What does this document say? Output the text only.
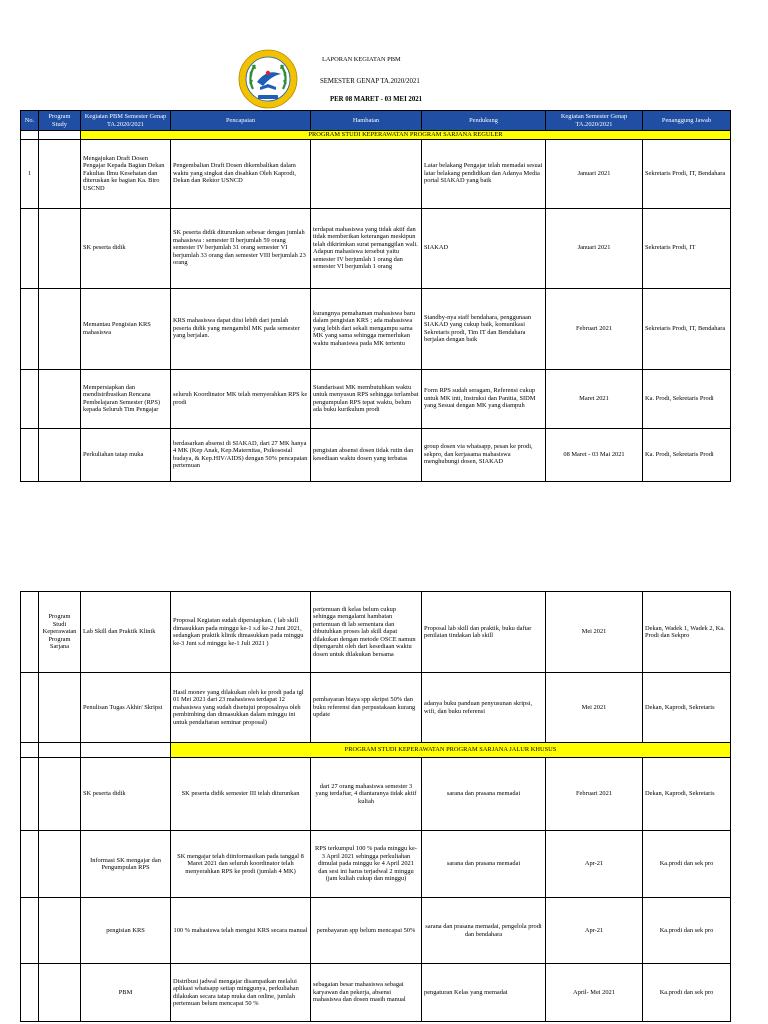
LAPORAN KEGIATAN PBM
SEMESTER GENAP TA.2020/2021
PER 08 MARET - 03 MEI 2021
No.	Program Study	Kegiatan PBM Semester Genap TA.2020/2021	Pencapaian	Hambatan	Pendukung	Kegiatan Semester Genap TA.2020/2021	Penanggung Jawab
		PROGRAM STUDI KEPERAWATAN PROGRAM SARJANA REGULER					
1		Mengajukan Draft Dosen Pengajar Kepada Bagian Dekan Fakultas Ilmu Kesehatan dan diteruskan ke bagian Ka. Biro USCND	Pengembalian Draft Dosen dikembalikan dalam waktu yang singkat dan disahkan Oleh Kaprodi, Dekan dan Rektor USNCD		Latar belakang Pengajar telah memadai sesuai latar belakang pendidikan dan Adanya Media portal SIAKAD yang baik	Januari 2021	Sekretaris Prodi, IT, Bendahara
		SK peserta didik	SK peserta didik diturunkan sebesar dengan jumlah mahasiswa : semester II berjumlah 59 orang semester IV berjumlah 31 orang semester VI berjumlah 33 orang dan semester VIII berjumlah 23 orang	terdapat mahasiswa yang tidak aktif dan tidak memberikan keterangan meskipun telah dikirimkan surat pemanggilan wali. Adapun mahasiswa tersebut yaitu semester IV berjumlah 1 orang dan semester VI berjumlah 1 orang	SIAKAD	Januari 2021	Sekretaris Prodi, IT
		Memantau Pengisian KRS mahasiswa	KRS mahasiswa dapat diisi lebih dari jumlah peserta didik yang mengambil MK pada semester yang berjalan.	kurangnya pemahaman mahasiswa baru dalam pengisian KRS ; ada mahasiswa yang lebih dari sekali mengampu sama MK yang sama sehingga memerlukan waktu mahasiswa pada MK tertentu	Standby-nya staff bendahara, penggunaan SIAKAD yang cukup baik, komunikasi Sekretaris prodi, Tim IT dan Bendahara berjalan dengan baik	Februari 2021	Sekretaris Prodi, IT, Bendahara
		Mempersiapkan dan mendistribusikan Rencana Pembelajaran Semester (RPS) kepada Seluruh Tim Pengajar	seluruh Koordinator MK telah menyerahkan RPS ke prodi	Standarisasi MK membutuhkan waktu untuk menyusun RPS sehingga terlambat pengumpulan RPS tepat waktu, belum ada buku kurikulum prodi	Form RPS sudah seragam, Referensi cukup untuk MK inti, Instruksi dan Panitia, SIDM yang Sesuai dengan MK yang diampuh	Maret 2021	Ka. Prodi, Sekretaris Prodi
		Perkuliahan tatap muka	berdasarkan absensi di SIAKAD, dari 27 MK hanya 4 MK (Kep Anak, Kep.Maternitas, Psikososial budaya, & Kep.HIV/AIDS) dengan 50% pencapaian pertemuan	pengisian absensi dosen tidak rutin dan kesediaan waktu dosen yang terbatas	group dosen via whatsapp, pesan ke prodi, sekpro, dan kerjasama mahasiswa menghubungi dosen, SIAKAD	08 Maret - 03 Mai 2021	Ka. Prodi, Sekretaris Prodi
	Program Studi Keperawatan Program Sarjana	Lab Skill dan Praktik Klinik	Proposal Kegiatan sudah dipersiapkan. ( lab skill dimasukkan pada minggu ke-1 s.d ke-2 Juni 2021, sedangkan praktik klinik dimasukkan pada minggu ke-3 Juni s.d minggu ke-1 Juli 2021 )	pertemuan di kelas belum cukup sehingga mengalami hambatan pertemuan di lab sementara dan dibutuhkan proses lab skill dapat dilakukan dengan metode OSCE namun dipengaruhi oleh dari kesediaan waktu dosen untuk dilakukan bersama	Proposal lab skill dan praktik, buku daftar penilaian tindakan lab skill	Mei 2021	Dekan, Wadek 1, Wadek 2, Ka. Prodi dan Sekpro
		Penulisan Tugas Akhir/ Skripsi	Hasil monev yang dilakukan oleh ke prodi pada tgl 01 Mei 2021 dari 23 mahasiswa terdapat 12 mahasiswa yang sudah disetujui proposalnya oleh pembimbing dan dimasukkan dalam minggu ini untuk pendaftaran seminar proposal)	pembayaran biaya spp skripsi 50% dan buku referensi dan perpustakaan kurang update	adanya buku panduan penyusunan skripsi, wifi, dan buku referensi	Mei 2021	Dekan, Kaprodi, Sekretaris
			PROGRAM STUDI KEPERAWATAN PROGRAM SARJANA JALUR KHUSUS				
		SK peserta didik	SK peserta didik semester III telah diturunkan	dari 27 orang mahasiswa semester 3 yang terdaftar, 4 diantaranya tidak aktif kuliah	sarana dan prasana memadai	Februari 2021	Dekan, Kaprodi, Sekretaris
		Informasi SK mengajar dan Pengumpulan RPS	SK mengajar telah diinformasikan pada tanggal 8 Maret 2021 dan seluruh koordinator telah menyerahkan RPS ke prodi (jumlah 4 MK)	RPS terkumpul 100 % pada minggu ke- 3 April 2021 sehingga perkuliahan dimulai pada minggu ke 4 April 2021 dan sesi ini harus terjadwal 2 minggu (jam kuliah cukup dan minggu)	sarana dan prasana memadai	Apr-21	Ka.prodi dan sek pro
		pengisian KRS	100 % mahasiswa telah mengisi KRS secara manual	pembayaran spp belum mencapai 50%	sarana dan prasana memadai, pengelola prodi dan bendahara	Apr-21	Ka.prodi dan sek pro
		PBM	Distribusi jadwal mengajar disampaikan melalui aplikasi whatsapp setiap minggunya, perkuliahan dilakukan secara tatap muka dan online, jumlah pertemuan belum mencapai 50 %	sebagaian besar mahasiswa sebagai karyawan dan pekerja, absensi mahasiswa dan dosen masih manual	pengaturan Kelas yang memadai	April- Mei 2021	Ka.prodi dan sek pro
